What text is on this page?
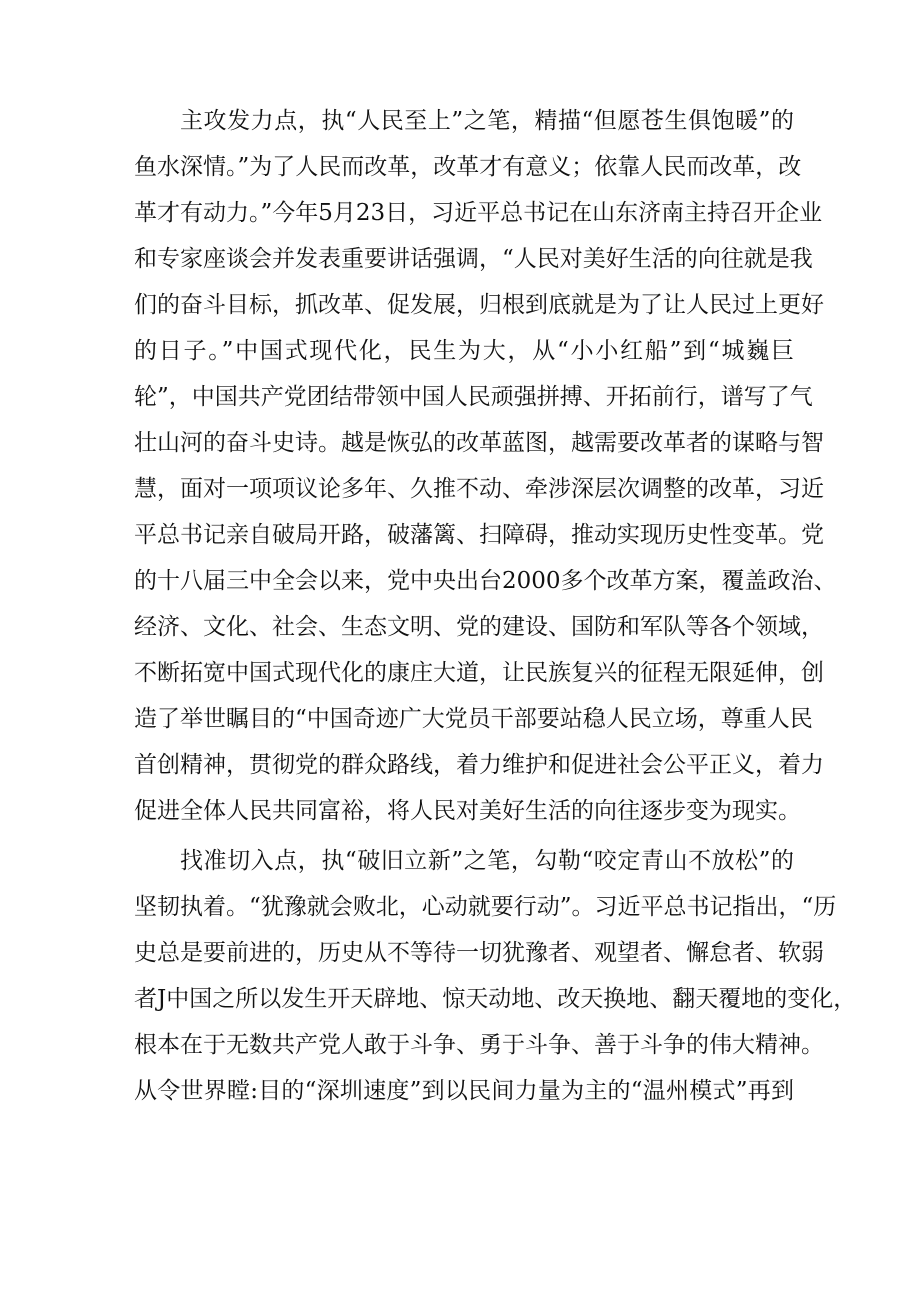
主攻发力点，执“人民至上”之笔，精描“但愿苍生俱饱暖”的
鱼水深情。”为了人民而改革，改革才有意义；依靠人民而改革，改
革才有动力。”今年5月23日，习近平总书记在山东济南主持召开企业
和专家座谈会并发表重要讲话强调，“人民对美好生活的向往就是我
们的奋斗目标，抓改革、促发展，归根到底就是为了让人民过上更好
的日子。”中国式现代化，民生为大，从“小小红船”到“城巍巨
轮”，中国共产党团结带领中国人民顽强拼搏、开拓前行，谱写了气
壮山河的奋斗史诗。越是恢弘的改革蓝图，越需要改革者的谋略与智
慧，面对一项项议论多年、久推不动、牵涉深层次调整的改革，习近
平总书记亲自破局开路，破藩篱、扫障碍，推动实现历史性变革。党
的十八届三中全会以来，党中央出台2000多个改革方案，覆盖政治、
经济、文化、社会、生态文明、党的建设、国防和军队等各个领域，
不断拓宽中国式现代化的康庄大道，让民族复兴的征程无限延伸，创
造了举世瞩目的“中国奇迹广大党员干部要站稳人民立场，尊重人民
首创精神，贯彻党的群众路线，着力维护和促进社会公平正义，着力
促进全体人民共同富裕，将人民对美好生活的向往逐步变为现实。
找准切入点，执“破旧立新”之笔，勾勒“咬定青山不放松”的
坚韧执着。“犹豫就会败北，心动就要行动”。习近平总书记指出，“历
史总是要前进的，历史从不等待一切犹豫者、观望者、懈怠者、软弱
者J中国之所以发生开天辟地、惊天动地、改天换地、翻天覆地的变化，
根本在于无数共产党人敢于斗争、勇于斗争、善于斗争的伟大精神。
从令世界瞠:目的“深圳速度”到以民间力量为主的“温州模式”再到
